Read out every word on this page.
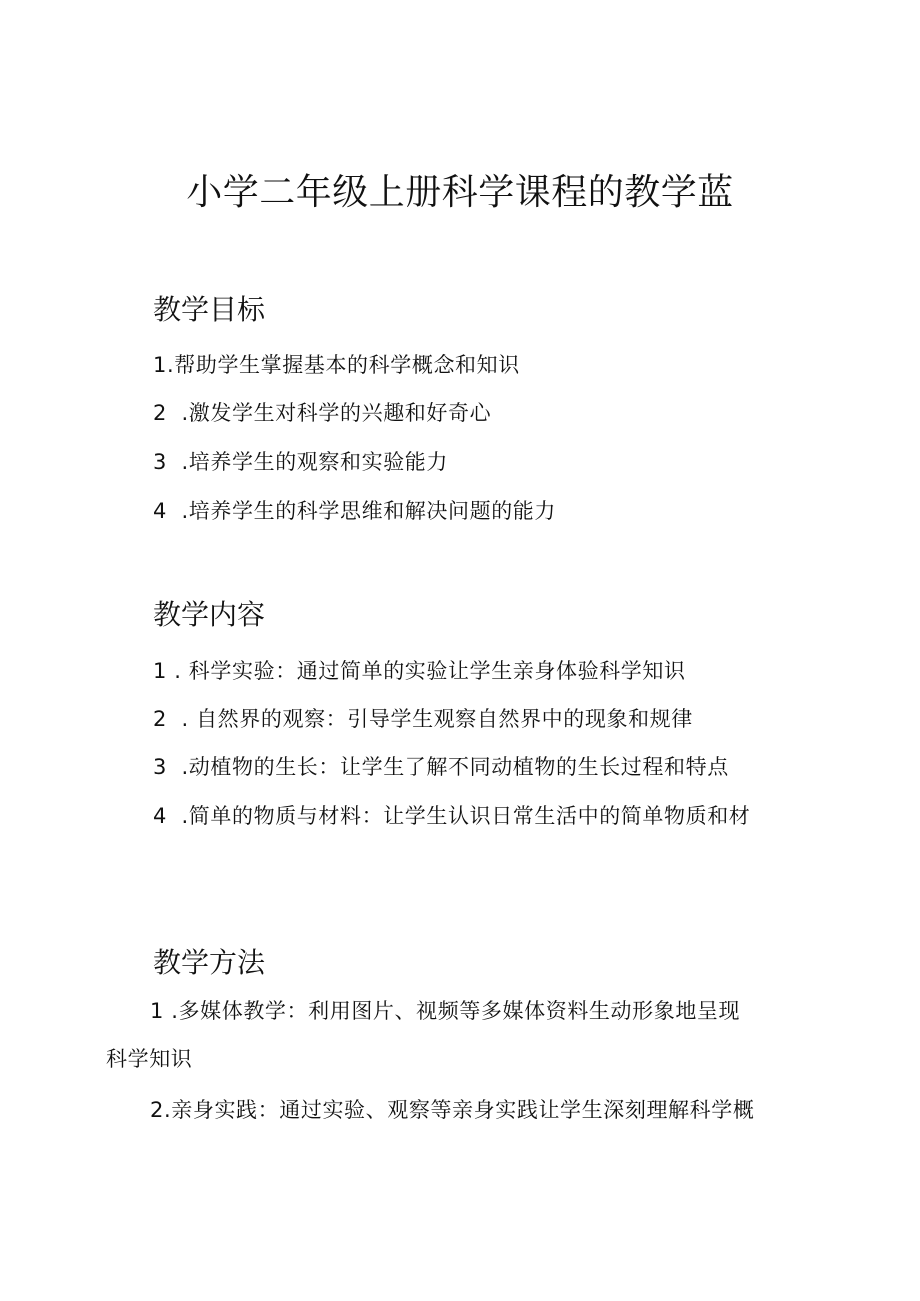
小学二年级上册科学课程的教学蓝
教学目标

1.帮助学生掌握基本的科学概念和知识

2  .激发学生对科学的兴趣和好奇心

3  .培养学生的观察和实验能力

4  .培养学生的科学思维和解决问题的能力

教学内容

1 . 科学实验：通过简单的实验让学生亲身体验科学知识

2  . 自然界的观察：引导学生观察自然界中的现象和规律

3  .动植物的生长：让学生了解不同动植物的生长过程和特点

4  .简单的物质与材料：让学生认识日常生活中的简单物质和材

教学方法

1 .多媒体教学：利用图片、视频等多媒体资料生动形象地呈现

科学知识

2.亲身实践：通过实验、观察等亲身实践让学生深刻理解科学概
